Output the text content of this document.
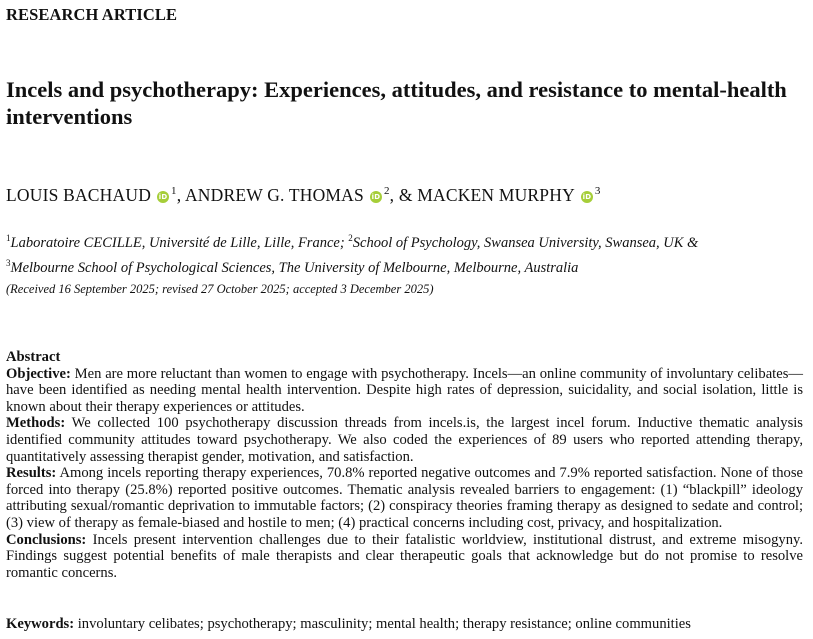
RESEARCH ARTICLE
Incels and psychotherapy: Experiences, attitudes, and resistance to mental-health interventions
LOUIS BACHAUD iD $^1$, ANDREW G. THOMAS iD $^2$, & MACKEN MURPHY iD $^3$
$^1$Laboratoire CECILLE, Université de Lille, Lille, France; $^2$School of Psychology, Swansea University, Swansea, UK &
$^3$Melbourne School of Psychological Sciences, The University of Melbourne, Melbourne, Australia
(Received 16 September 2025; revised 27 October 2025; accepted 3 December 2025)
Abstract

Objective: Men are more reluctant than women to engage with psychotherapy. Incels—an online community of involuntary celibates—have been identified as needing mental health intervention. Despite high rates of depression, suicidality, and social isolation, little is known about their therapy experiences or attitudes.

Methods: We collected 100 psychotherapy discussion threads from incels.is, the largest incel forum. Inductive thematic analysis identified community attitudes toward psychotherapy. We also coded the experiences of 89 users who reported attending therapy, quantitatively assessing therapist gender, motivation, and satisfaction.

Results: Among incels reporting therapy experiences, 70.8% reported negative outcomes and 7.9% reported satisfaction. None of those forced into therapy (25.8%) reported positive outcomes. Thematic analysis revealed barriers to engagement: (1) “blackpill” ideology attributing sexual/romantic deprivation to immutable factors; (2) conspiracy theories framing therapy as designed to sedate and control; (3) view of therapy as female-biased and hostile to men; (4) practical concerns including cost, privacy, and hospitalization.

Conclusions: Incels present intervention challenges due to their fatalistic worldview, institutional distrust, and extreme misogyny. Findings suggest potential benefits of male therapists and clear therapeutic goals that acknowledge but do not promise to resolve romantic concerns.

Keywords: involuntary celibates; psychotherapy; masculinity; mental health; therapy resistance; online communities
